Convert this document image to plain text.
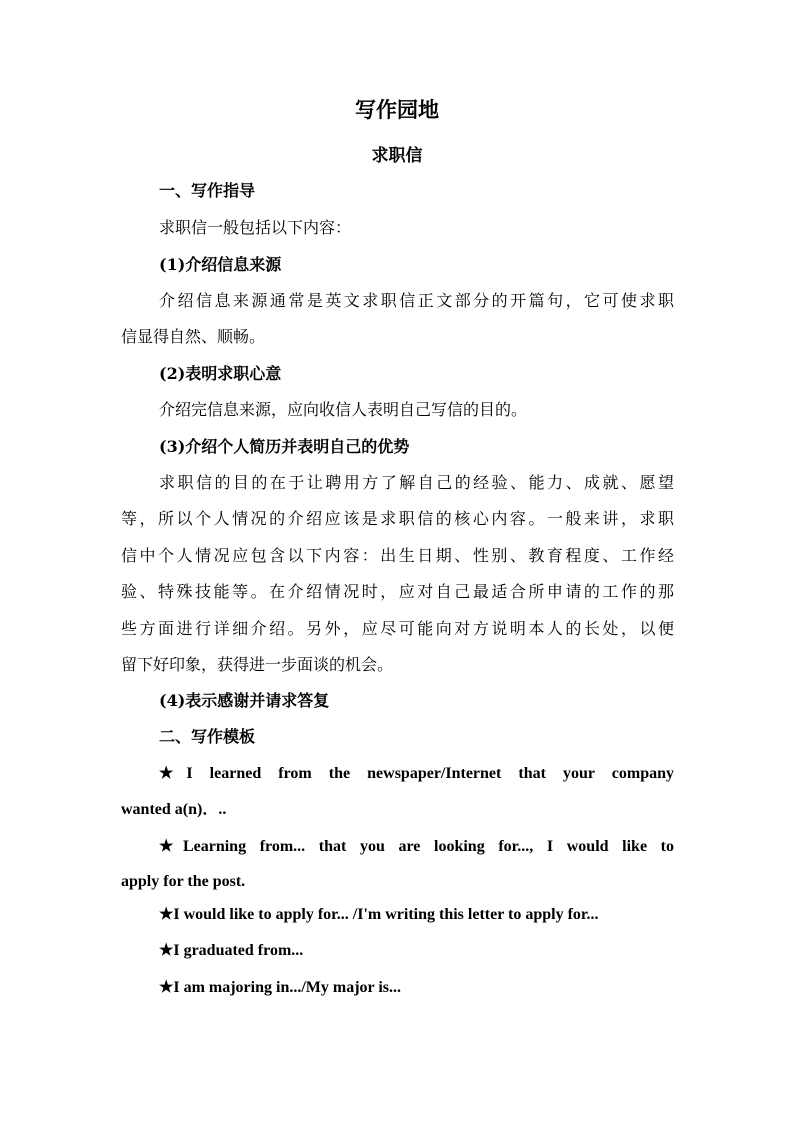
写作园地
求职信
一、写作指导
求职信一般包括以下内容：
(1)介绍信息来源
介绍信息来源通常是英文求职信正文部分的开篇句，它可使求职
信显得自然、顺畅。
(2)表明求职心意
介绍完信息来源，应向收信人表明自己写信的目的。
(3)介绍个人简历并表明自己的优势
求职信的目的在于让聘用方了解自己的经验、能力、成就、愿望
等，所以个人情况的介绍应该是求职信的核心内容。一般来讲，求职
信中个人情况应包含以下内容：出生日期、性别、教育程度、工作经
验、特殊技能等。在介绍情况时，应对自己最适合所申请的工作的那
些方面进行详细介绍。另外，应尽可能向对方说明本人的长处，以便
留下好印象，获得进一步面谈的机会。
(4)表示感谢并请求答复
二、写作模板
★I learned from the newspaper/Internet that your company
wanted a(n)．..
★Learning from... that you are looking for..., I would like to
apply for the post.
★I would like to apply for... /I'm writing this letter to apply for...
★I graduated from...
★I am majoring in.../My major is...
